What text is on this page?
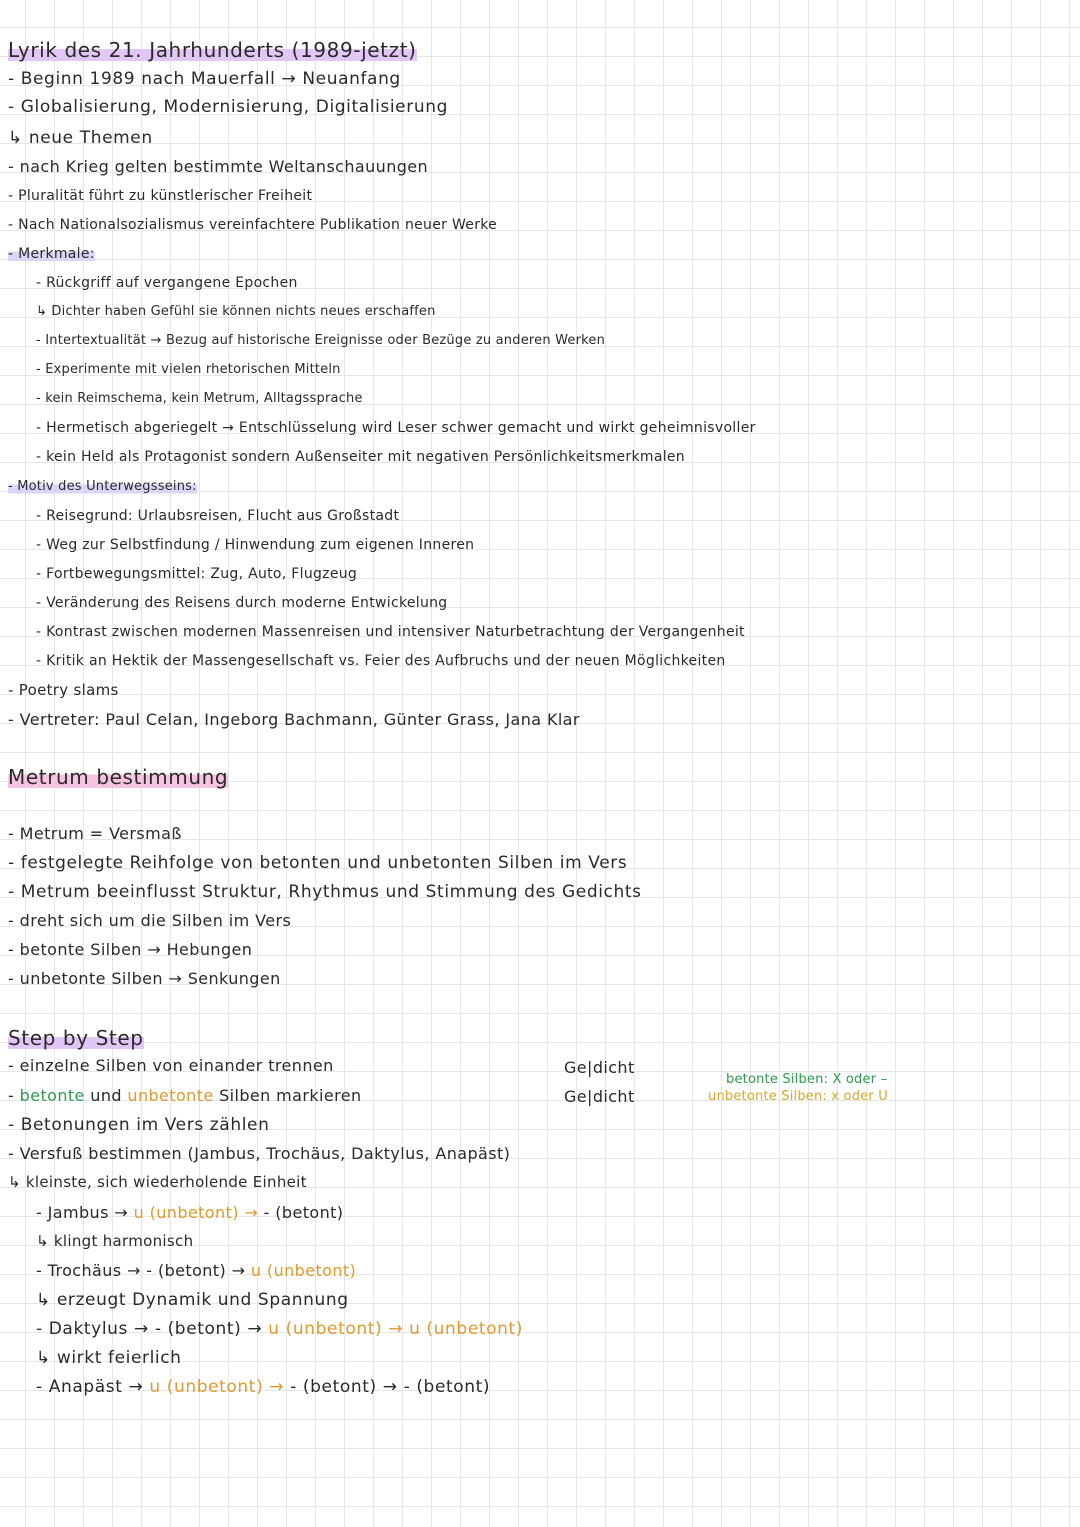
Lyrik des 21. Jahrhunderts (1989-jetzt)
- Beginn 1989 nach Mauerfall → Neuanfang
- Globalisierung, Modernisierung, Digitalisierung
↳ neue Themen
- nach Krieg gelten bestimmte Weltanschauungen
- Pluralität führt zu künstlerischer Freiheit
- Nach Nationalsozialismus vereinfachtere Publikation neuer Werke
- Merkmale:
- Rückgriff auf vergangene Epochen
↳ Dichter haben Gefühl sie können nichts neues erschaffen
- Intertextualität → Bezug auf historische Ereignisse oder Bezüge zu anderen Werken
- Experimente mit vielen rhetorischen Mitteln
- kein Reimschema, kein Metrum, Alltagssprache
- Hermetisch abgeriegelt → Entschlüsselung wird Leser schwer gemacht und wirkt geheimnisvoller
- kein Held als Protagonist sondern Außenseiter mit negativen Persönlichkeitsmerkmalen
- Motiv des Unterwegsseins:
- Reisegrund: Urlaubsreisen, Flucht aus Großstadt
- Weg zur Selbstfindung / Hinwendung zum eigenen Inneren
- Fortbewegungsmittel: Zug, Auto, Flugzeug
- Veränderung des Reisens durch moderne Entwickelung
- Kontrast zwischen modernen Massenreisen und intensiver Naturbetrachtung der Vergangenheit
- Kritik an Hektik der Massengesellschaft vs. Feier des Aufbruchs und der neuen Möglichkeiten
- Poetry slams
- Vertreter: Paul Celan, Ingeborg Bachmann, Günter Grass, Jana Klar
Metrum bestimmung
- Metrum = Versmaß
- festgelegte Reihfolge von betonten und unbetonten Silben im Vers
- Metrum beeinflusst Struktur, Rhythmus und Stimmung des Gedichts
- dreht sich um die Silben im Vers
- betonte Silben → Hebungen
- unbetonte Silben → Senkungen
Step by Step
- einzelne Silben von einander trennen
- betonte und unbetonte Silben markieren
- Betonungen im Vers zählen
- Versfuß bestimmen (Jambus, Trochäus, Daktylus, Anapäst)
↳ kleinste, sich wiederholende Einheit
Ge|dicht
Ge|dicht
betonte Silben: X oder –
unbetonte Silben: x oder U
- Jambus → u (unbetont) → - (betont)
↳ klingt harmonisch
- Trochäus → - (betont) → u (unbetont)
↳ erzeugt Dynamik und Spannung
- Daktylus → - (betont) → u (unbetont) → u (unbetont)
↳ wirkt feierlich
- Anapäst → u (unbetont) → - (betont) → - (betont)
